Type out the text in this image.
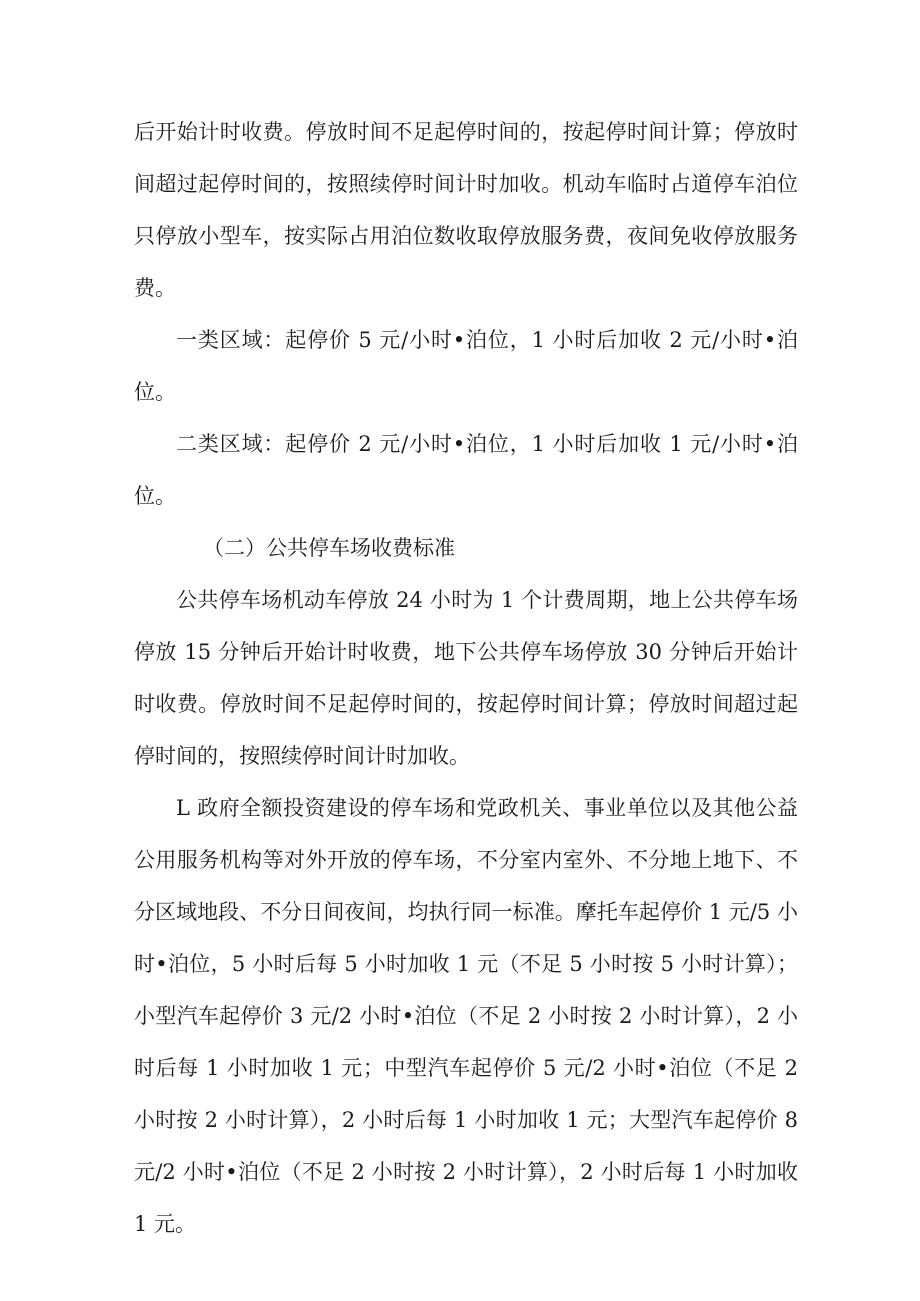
后开始计时收费。停放时间不足起停时间的，按起停时间计算；停放时间超过起停时间的，按照续停时间计时加收。机动车临时占道停车泊位只停放小型车，按实际占用泊位数收取停放服务费，夜间免收停放服务费。

一类区域：起停价 5 元/小时•泊位，1 小时后加收 2 元/小时•泊位。

二类区域：起停价 2 元/小时•泊位，1 小时后加收 1 元/小时•泊位。

（二）公共停车场收费标准

公共停车场机动车停放 24 小时为 1 个计费周期，地上公共停车场停放 15 分钟后开始计时收费，地下公共停车场停放 30 分钟后开始计时收费。停放时间不足起停时间的，按起停时间计算；停放时间超过起停时间的，按照续停时间计时加收。

L 政府全额投资建设的停车场和党政机关、事业单位以及其他公益公用服务机构等对外开放的停车场，不分室内室外、不分地上地下、不分区域地段、不分日间夜间，均执行同一标准。摩托车起停价 1 元/5 小时•泊位，5 小时后每 5 小时加收 1 元（不足 5 小时按 5 小时计算）；小型汽车起停价 3 元/2 小时•泊位（不足 2 小时按 2 小时计算），2 小时后每 1 小时加收 1 元；中型汽车起停价 5 元/2 小时•泊位（不足 2 小时按 2 小时计算），2 小时后每 1 小时加收 1 元；大型汽车起停价 8 元/2 小时•泊位（不足 2 小时按 2 小时计算），2 小时后每 1 小时加收 1 元。
